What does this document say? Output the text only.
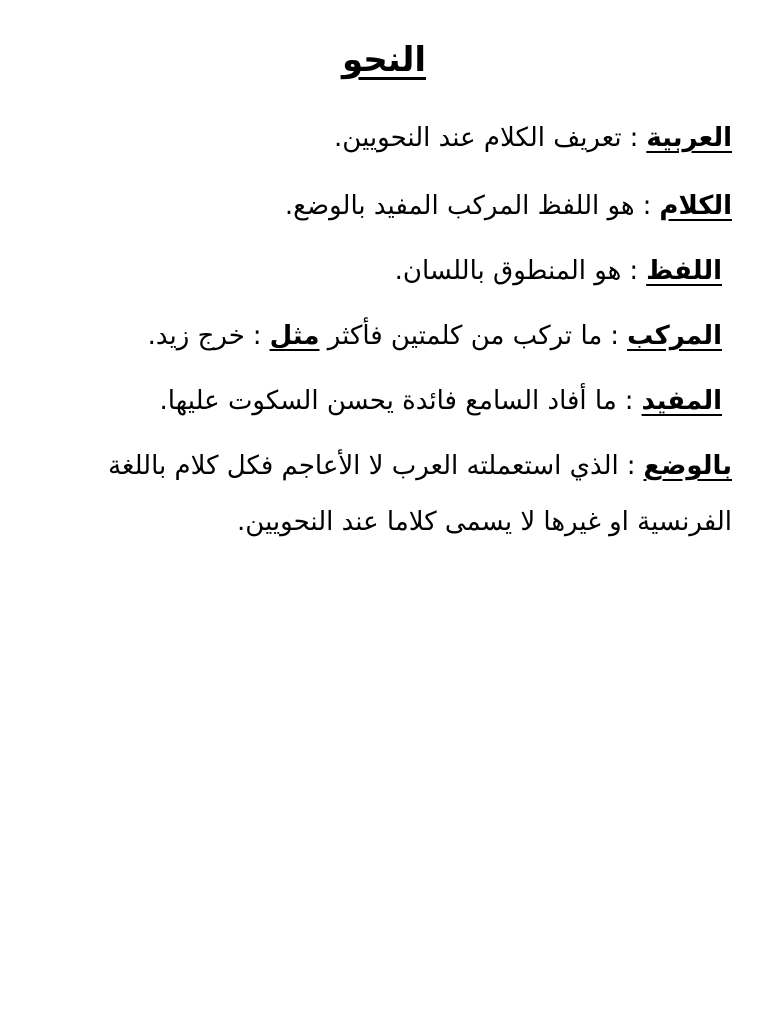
النحو
العربية:تعريف الكلام عند النحويين.
الكلام:هو اللفظ المركب المفيد بالوضع.
اللفظ:هو المنطوق باللسان.
المركب:ما تركب من كلمتين فأكثر مثل:خرج زيد.
المفيد:ما أفاد السامع فائدة يحسن السكوت عليها.
بالوضع:الذي استعملته العرب لا الأعاجم فكل كلام باللغة الفرنسية او غيرها لا يسمى كلاما عند النحويين.
